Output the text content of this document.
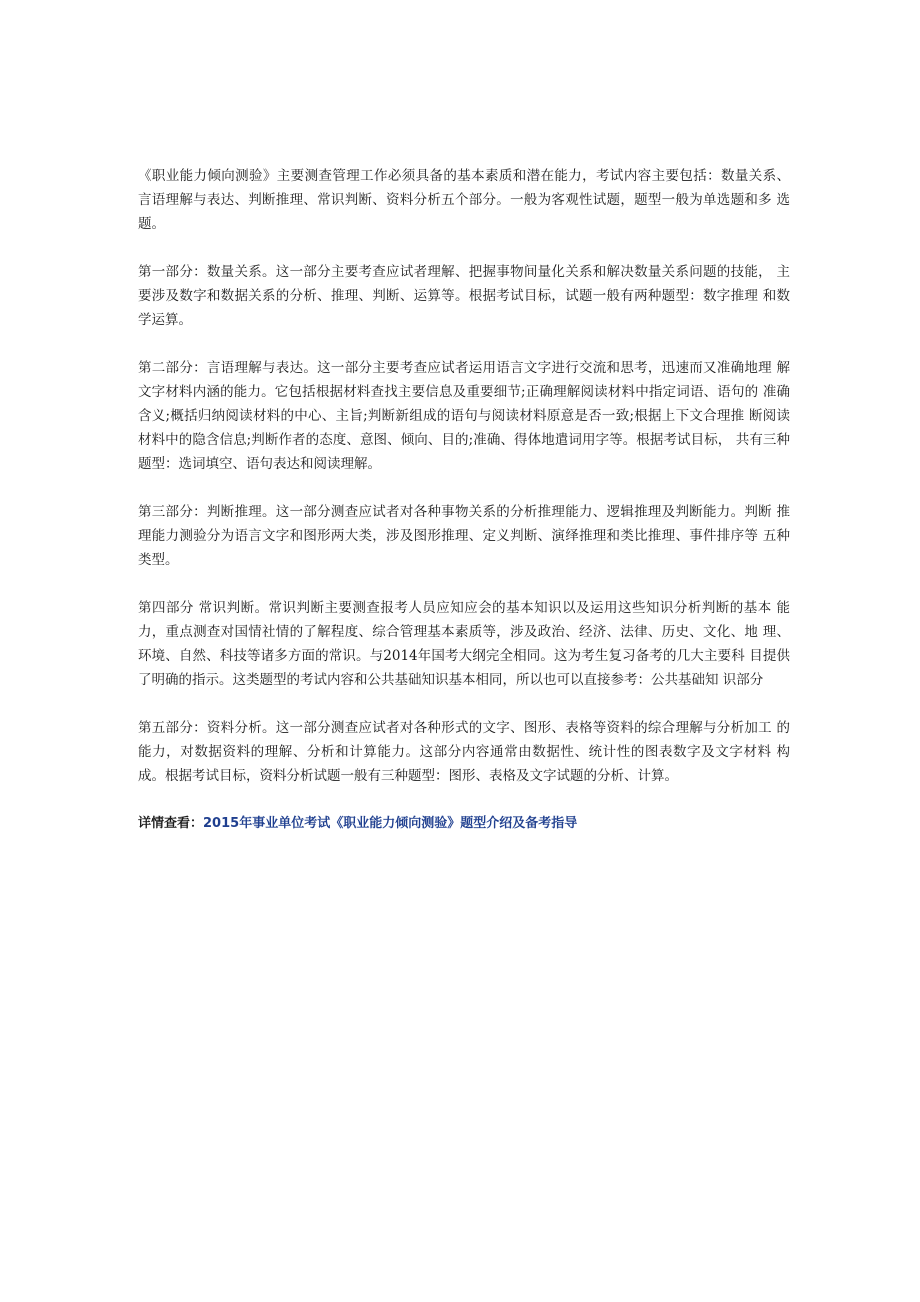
《职业能力倾向测验》主要测查管理工作必须具备的基本素质和潜在能力，考试内容主要包括：数量关系、 言语理解与表达、判断推理、常识判断、资料分析五个部分。一般为客观性试题，题型一般为单选题和多 选题。

第一部分：数量关系。这一部分主要考查应试者理解、把握事物间量化关系和解决数量关系问题的技能， 主要涉及数字和数据关系的分析、推理、判断、运算等。根据考试目标，试题一般有两种题型：数字推理 和数学运算。

第二部分：言语理解与表达。这一部分主要考查应试者运用语言文字进行交流和思考，迅速而又准确地理 解文字材料内涵的能力。它包括根据材料查找主要信息及重要细节;正确理解阅读材料中指定词语、语句的 准确含义;概括归纳阅读材料的中心、主旨;判断新组成的语句与阅读材料原意是否一致;根据上下文合理推 断阅读材料中的隐含信息;判断作者的态度、意图、倾向、目的;准确、得体地遣词用字等。根据考试目标， 共有三种题型：选词填空、语句表达和阅读理解。

第三部分：判断推理。这一部分测查应试者对各种事物关系的分析推理能力、逻辑推理及判断能力。判断 推理能力测验分为语言文字和图形两大类，涉及图形推理、定义判断、演绎推理和类比推理、事件排序等 五种类型。

第四部分 常识判断。常识判断主要测查报考人员应知应会的基本知识以及运用这些知识分析判断的基本 能力，重点测查对国情社情的了解程度、综合管理基本素质等，涉及政治、经济、法律、历史、文化、地 理、环境、自然、科技等诸多方面的常识。与2014年国考大纲完全相同。这为考生复习备考的几大主要科 目提供了明确的指示。这类题型的考试内容和公共基础知识基本相同，所以也可以直接参考：公共基础知 识部分

第五部分：资料分析。这一部分测查应试者对各种形式的文字、图形、表格等资料的综合理解与分析加工 的能力，对数据资料的理解、分析和计算能力。这部分内容通常由数据性、统计性的图表数字及文字材料 构成。根据考试目标，资料分析试题一般有三种题型：图形、表格及文字试题的分析、计算。

详情查看：2015年事业单位考试《职业能力倾向测验》题型介绍及备考指导
